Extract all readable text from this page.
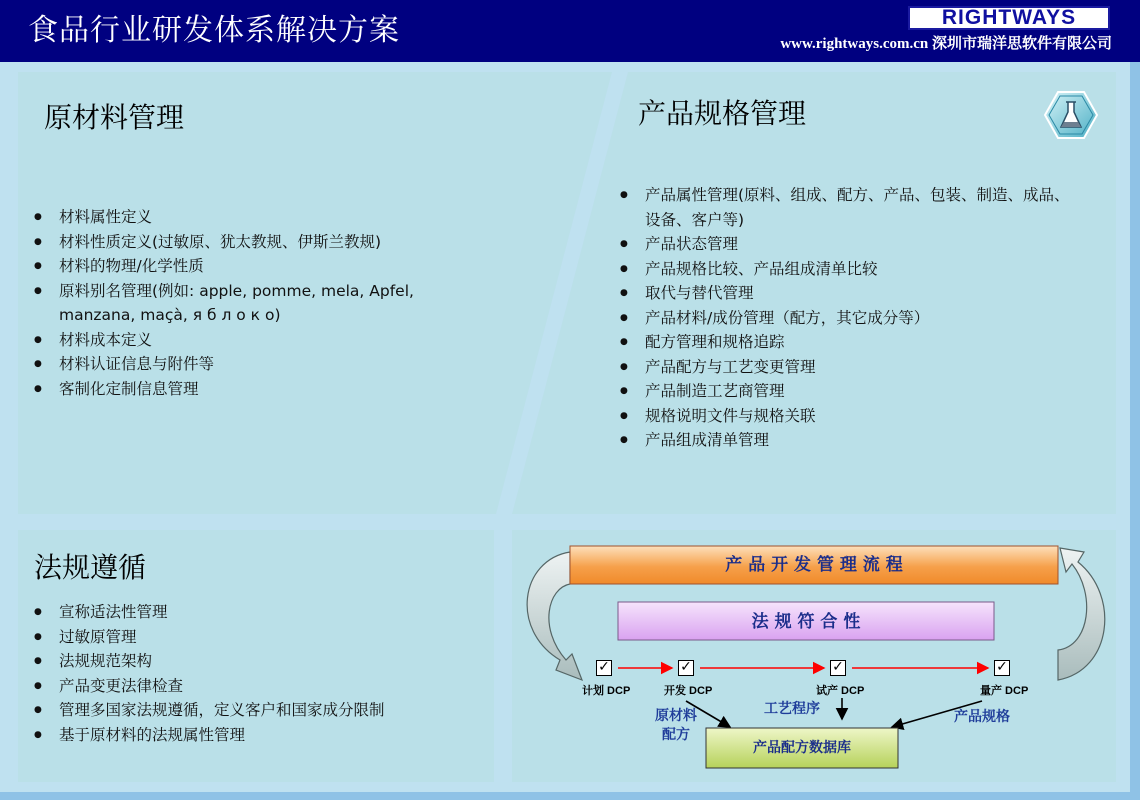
食品行业研发体系解决方案	RIGHTWAYS
www.rightways.com.cn 深圳市瑞洋思软件有限公司
原材料管理
● 材料属性定义
● 材料性质定义(过敏原、犹太教规、伊斯兰教规)
● 材料的物理/化学性质
● 原料别名管理(例如: apple, pomme, mela, Apfel, manzana, maçà, я б л о к о)
● 材料成本定义
● 材料认证信息与附件等
● 客制化定制信息管理
产品规格管理
● 产品属性管理(原料、组成、配方、产品、包装、制造、成品、设备、客户等)
● 产品状态管理
● 产品规格比较、产品组成清单比较
● 取代与替代管理
● 产品材料/成份管理（配方，其它成分等）
● 配方管理和规格追踪
● 产品配方与工艺变更管理
● 产品制造工艺商管理
● 规格说明文件与规格关联
● 产品组成清单管理
法规遵循
● 宣称适法性管理
● 过敏原管理
● 法规规范架构
● 产品变更法律检查
● 管理多国家法规遵循，定义客户和国家成分限制
● 基于原材料的法规属性管理
产 品 开 发 管 理 流 程
法 规 符 合 性
产品配方数据库
✓
计划 DCP
✓
开发 DCP
✓
试产 DCP
✓
量产 DCP
原材料
配方
工艺程序	产品规格
